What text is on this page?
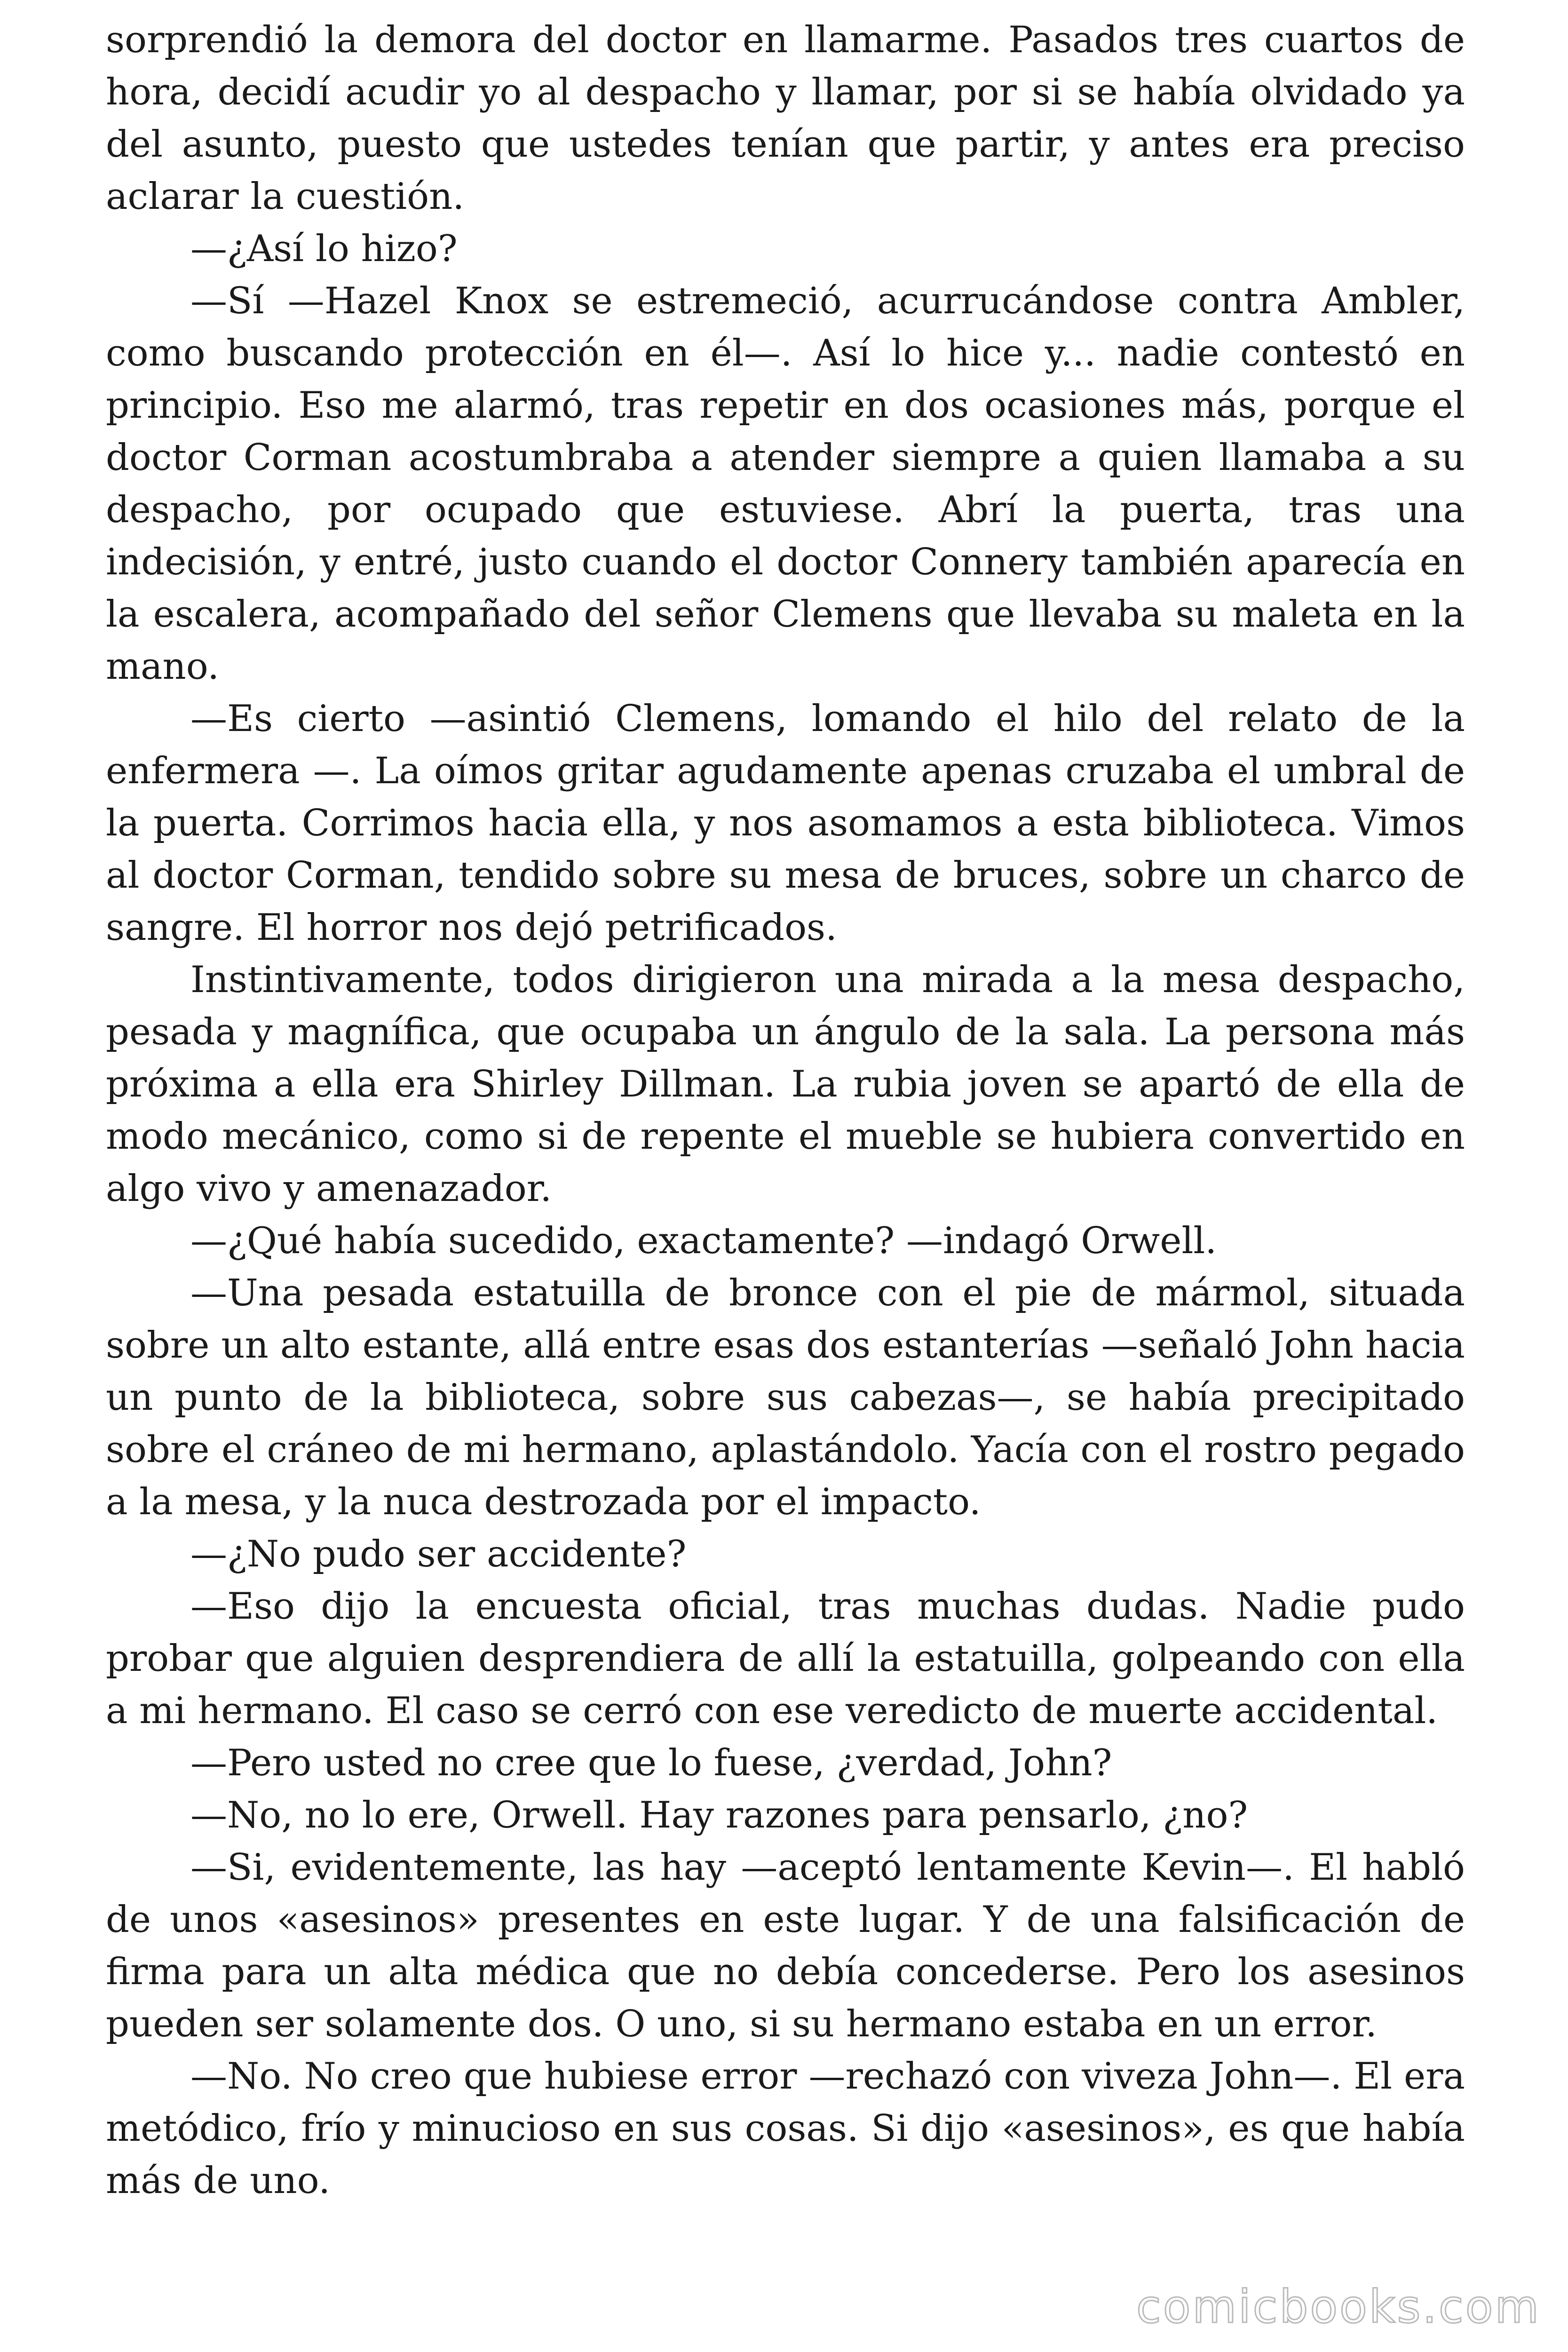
sorprendió la demora del doctor en llamarme. Pasados tres cuartos de hora, decidí acudir yo al despacho y llamar, por si se había olvidado ya del asunto, puesto que ustedes tenían que partir, y antes era preciso aclarar la cuestión.

—¿Así lo hizo?

—Sí —Hazel Knox se estremeció, acurrucándose contra Ambler, como buscando protección en él—. Así lo hice y... nadie contestó en principio. Eso me alarmó, tras repetir en dos ocasiones más, porque el doctor Corman acostumbraba a atender siempre a quien llamaba a su despacho, por ocupado que estuviese. Abrí la puerta, tras una indecisión, y entré, justo cuando el doctor Connery también aparecía en la escalera, acompañado del señor Clemens que llevaba su maleta en la mano.

—Es cierto —asintió Clemens, lomando el hilo del relato de la enfermera —. La oímos gritar agudamente apenas cruzaba el umbral de la puerta. Corrimos hacia ella, y nos asomamos a esta biblioteca. Vimos al doctor Corman, tendido sobre su mesa de bruces, sobre un charco de sangre. El horror nos dejó petrificados.

Instintivamente, todos dirigieron una mirada a la mesa despacho, pesada y magnífica, que ocupaba un ángulo de la sala. La persona más próxima a ella era Shirley Dillman. La rubia joven se apartó de ella de modo mecánico, como si de repente el mueble se hubiera convertido en algo vivo y amenazador.

—¿Qué había sucedido, exactamente? —indagó Orwell.

—Una pesada estatuilla de bronce con el pie de mármol, situada sobre un alto estante, allá entre esas dos estanterías —señaló John hacia un punto de la biblioteca, sobre sus cabezas—, se había precipitado sobre el cráneo de mi hermano, aplastándolo. Yacía con el rostro pegado a la mesa, y la nuca destrozada por el impacto.

—¿No pudo ser accidente?

—Eso dijo la encuesta oficial, tras muchas dudas. Nadie pudo probar que alguien desprendiera de allí la estatuilla, golpeando con ella a mi hermano. El caso se cerró con ese veredicto de muerte accidental.

—Pero usted no cree que lo fuese, ¿verdad, John?

—No, no lo ere, Orwell. Hay razones para pensarlo, ¿no?

—Si, evidentemente, las hay —aceptó lentamente Kevin—. El habló de unos «asesinos» presentes en este lugar. Y de una falsificación de firma para un alta médica que no debía concederse. Pero los asesinos pueden ser solamente dos. O uno, si su hermano estaba en un error.

—No. No creo que hubiese error —rechazó con viveza John—. El era metódico, frío y minucioso en sus cosas. Si dijo «asesinos», es que había más de uno.

comicbooks.com
